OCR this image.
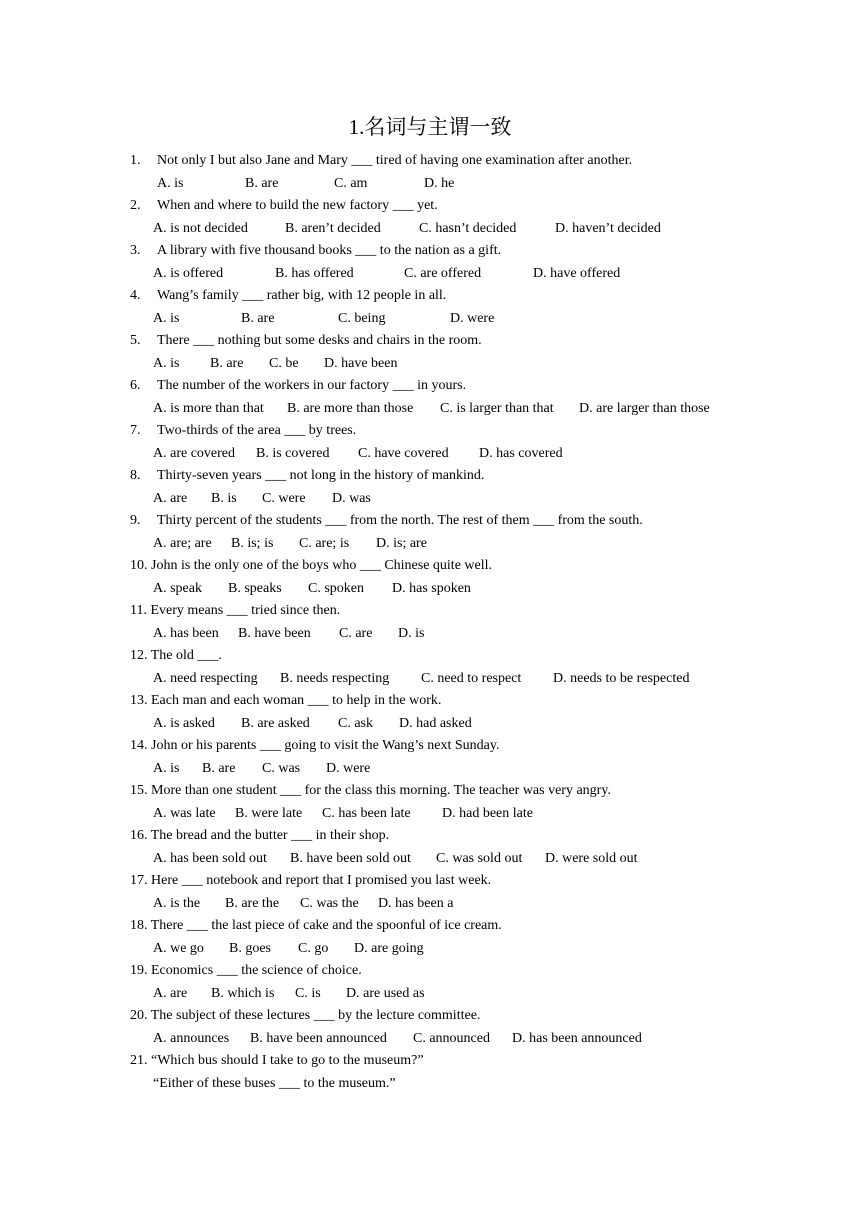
1.名词与主谓一致
1. Not only I but also Jane and Mary ___ tired of having one examination after another.
A. is	B. are	C. am	D. he
2. When and where to build the new factory ___ yet.
A. is not decided	B. aren’t decided	C. hasn’t decided	D. haven’t decided
3. A library with five thousand books ___ to the nation as a gift.
A. is offered	B. has offered	C. are offered	D. have offered
4. Wang’s family ___ rather big, with 12 people in all.
A. is	B. are	C. being	D. were
5. There ___ nothing but some desks and chairs in the room.
A. is B. are C. be D. have been
6. The number of the workers in our factory ___ in yours.
A. is more than that B. are more than those C. is larger than that D. are larger than those
7. Two-thirds of the area ___ by trees.
A. are covered B. is covered C. have covered D. has covered
8. Thirty-seven years ___ not long in the history of mankind.
A. are B. is C. were D. was
9. Thirty percent of the students ___ from the north. The rest of them ___ from the south.
A. are; are B. is; is C. are; is D. is; are
10. John is the only one of the boys who ___ Chinese quite well.
A. speak B. speaks C. spoken D. has spoken
11. Every means ___ tried since then.
A. has been B. have been C. are D. is
12. The old ___.
A. need respecting B. needs respecting C. need to respect D. needs to be respected
13. Each man and each woman ___ to help in the work.
A. is asked B. are asked C. ask D. had asked
14. John or his parents ___ going to visit the Wang’s next Sunday.
A. is B. are C. was D. were
15. More than one student ___ for the class this morning. The teacher was very angry.
A. was late B. were late C. has been late D. had been late
16. The bread and the butter ___ in their shop.
A. has been sold out B. have been sold out C. was sold out D. were sold out
17. Here ___ notebook and report that I promised you last week.
A. is the B. are the C. was the D. has been a
18. There ___ the last piece of cake and the spoonful of ice cream.
A. we go B. goes C. go D. are going
19. Economics ___ the science of choice.
A. are B. which is C. is D. are used as
20. The subject of these lectures ___ by the lecture committee.
A. announces B. have been announced C. announced D. has been announced
21. “Which bus should I take to go to the museum?”
“Either of these buses ___ to the museum.”
